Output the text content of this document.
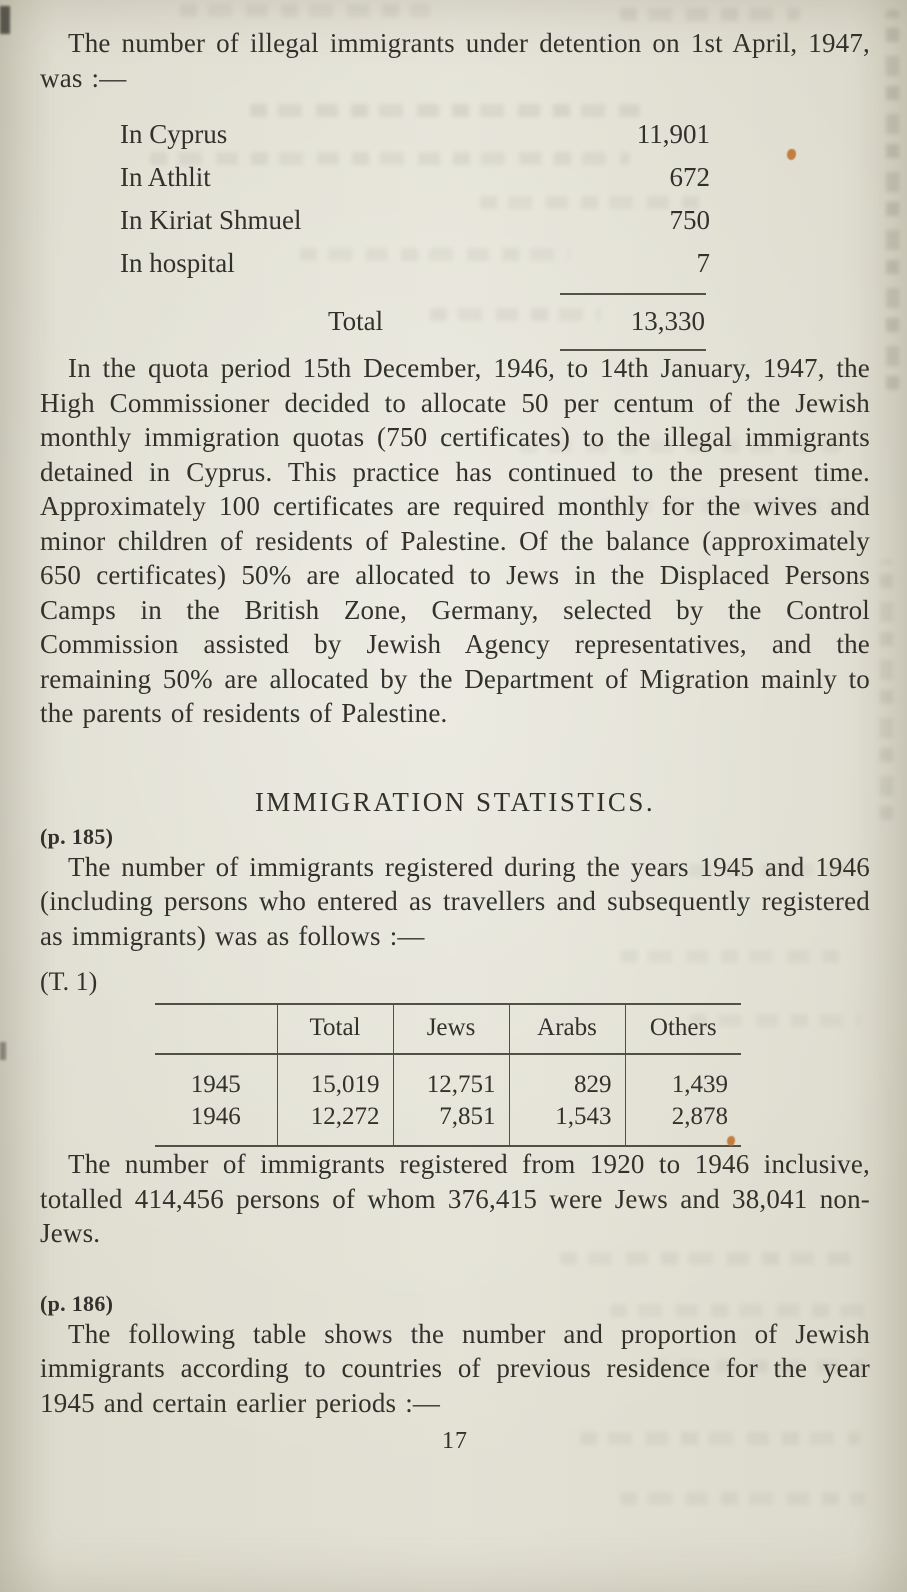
The number of illegal immigrants under detention on 1st April, 1947, was :—

In Cyprus	11,901
In Athlit	672
In Kiriat Shmuel	750
In hospital	7
Total	13,330

In the quota period 15th December, 1946, to 14th January, 1947, the High Commissioner decided to allocate 50 per centum of the Jewish monthly immigration quotas (750 certificates) to the illegal immigrants detained in Cyprus. This practice has continued to the present time. Approximately 100 certificates are required monthly for the wives and minor children of residents of Palestine. Of the balance (approximately 650 certificates) 50% are allocated to Jews in the Displaced Persons Camps in the British Zone, Germany, selected by the Control Commission assisted by Jewish Agency representatives, and the remaining 50% are allocated by the Department of Migration mainly to the parents of residents of Palestine.

IMMIGRATION STATISTICS.
(p. 185)

The number of immigrants registered during the years 1945 and 1946 (including persons who entered as travellers and subsequently registered as immigrants) was as follows :—

(T. 1)
	Total	Jews	Arabs	Others
1945	15,019	12,751	829	1,439
1946	12,272	7,851	1,543	2,878

The number of immigrants registered from 1920 to 1946 inclusive, totalled 414,456 persons of whom 376,415 were Jews and 38,041 non-Jews.

(p. 186)

The following table shows the number and proportion of Jewish immigrants according to countries of previous residence for the year 1945 and certain earlier periods :—

17
